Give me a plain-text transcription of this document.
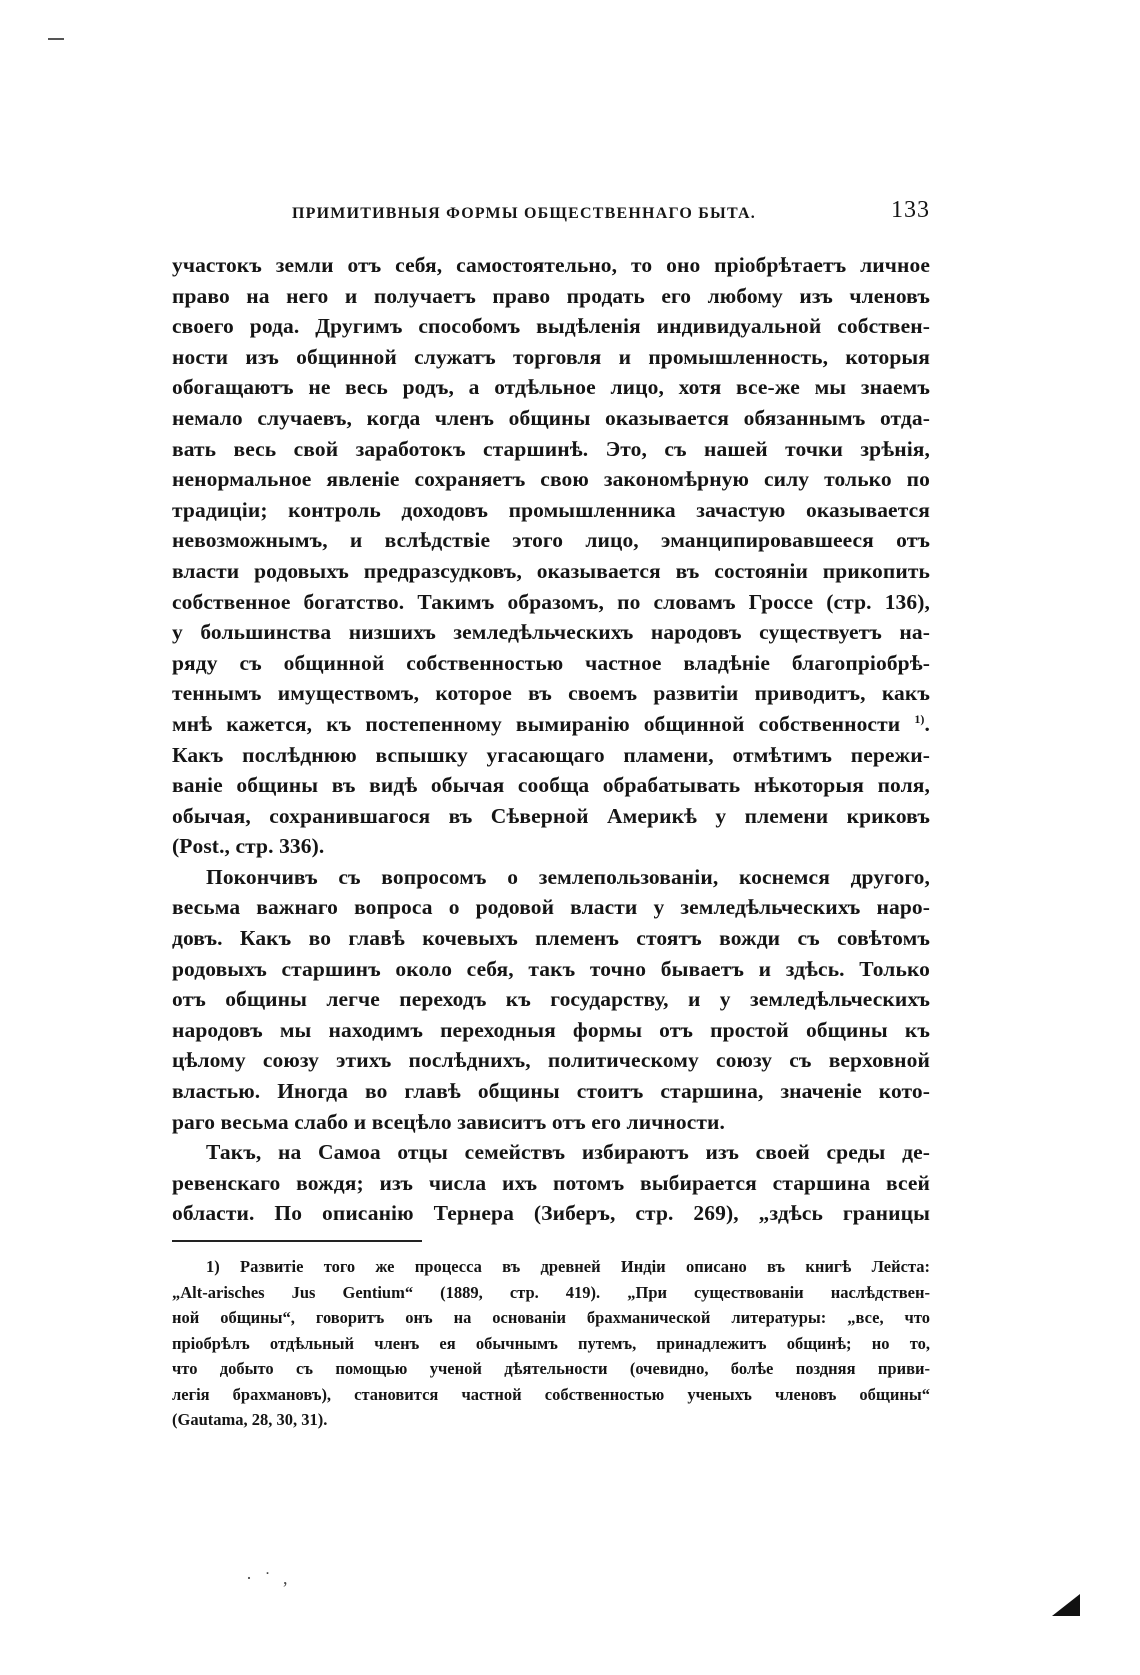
ПРИМИТИВНЫЯ ФОРМЫ ОБЩЕСТВЕННАГО БЫТА.	133
участокъ земли отъ себя, самостоятельно, то оно пріобрѣтаетъ личное
право на него и получаетъ право продать его любому изъ членовъ
своего рода. Другимъ способомъ выдѣленія индивидуальной собствен-
ности изъ общинной служатъ торговля и промышленность, которыя
обогащаютъ не весь родъ, а отдѣльное лицо, хотя все-же мы знаемъ
немало случаевъ, когда членъ общины оказывается обязаннымъ отда-
вать весь свой заработокъ старшинѣ. Это, съ нашей точки зрѣнія,
ненормальное явленіе сохраняетъ свою закономѣрную силу только по
традиціи; контроль доходовъ промышленника зачастую оказывается
невозможнымъ, и вслѣдствіе этого лицо, эманципировавшееся отъ
власти родовыхъ предразсудковъ, оказывается въ состояніи прикопить
собственное богатство. Такимъ образомъ, по словамъ Гроссе (стр. 136),
у большинства низшихъ земледѣльческихъ народовъ существуетъ на-
ряду съ общинной собственностью частное владѣніе благопріобрѣ-
теннымъ имуществомъ, которое въ своемъ развитіи приводитъ, какъ
мнѣ кажется, къ постепенному вымиранію общинной собственности $^{1)}$.
Какъ послѣднюю вспышку угасающаго пламени, отмѣтимъ пережи-
ваніе общины въ видѣ обычая сообща обрабатывать нѣкоторыя поля,
обычая, сохранившагося въ Сѣверной Америкѣ у племени криковъ
(Post., стр. 336).
Покончивъ съ вопросомъ о землепользованіи, коснемся другого,
весьма важнаго вопроса о родовой власти у земледѣльческихъ наро-
довъ. Какъ во главѣ кочевыхъ племенъ стоятъ вожди съ совѣтомъ
родовыхъ старшинъ около себя, такъ точно бываетъ и здѣсь. Только
отъ общины легче переходъ къ государству, и у земледѣльческихъ
народовъ мы находимъ переходныя формы отъ простой общины къ
цѣлому союзу этихъ послѣднихъ, политическому союзу съ верховной
властью. Иногда во главѣ общины стоитъ старшина, значеніе кото-
раго весьма слабо и всецѣло зависитъ отъ его личности.
Такъ, на Самоа отцы семействъ избираютъ изъ своей среды де-
ревенскаго вождя; изъ числа ихъ потомъ выбирается старшина всей
области. По описанію Тернера (Зиберъ, стр. 269), „здѣсь границы
1) Развитіе того же процесса въ древней Индіи описано въ книгѣ Лейста:
„Alt-arisches Jus Gentium“ (1889, стр. 419). „При существованіи наслѣдствен-
ной общины“, говоритъ онъ на основаніи брахманической литературы: „все, что
пріобрѣлъ отдѣльный членъ ея обычнымъ путемъ, принадлежитъ общинѣ; но то,
что добыто съ помощью ученой дѣятельности (очевидно, болѣе поздняя приви-
легія брахмановъ), становится частной собственностью ученыхъ членовъ общины“
(Gautama, 28, 30, 31).
· ˙ ,
